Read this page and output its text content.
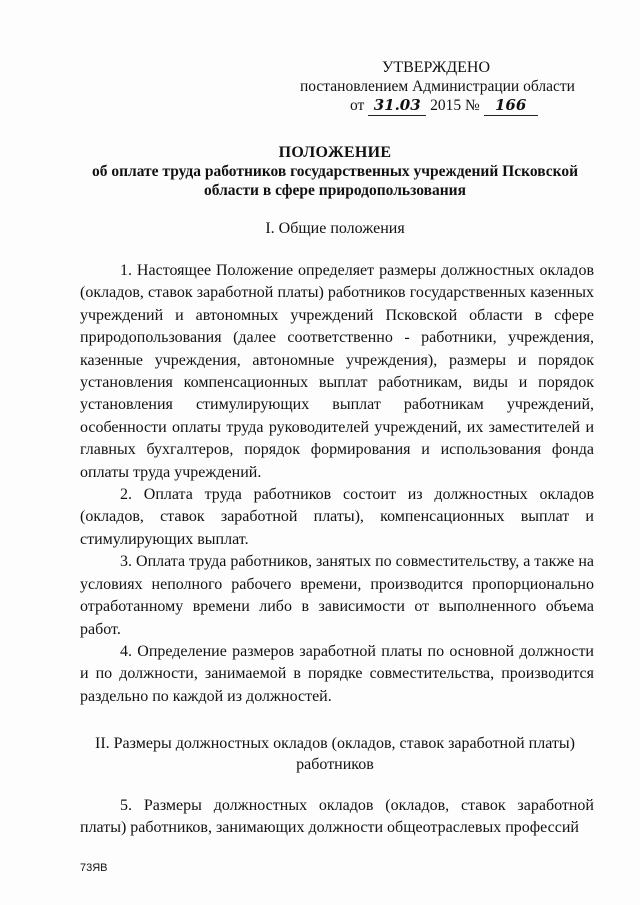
УТВЕРЖДЕНО
постановлением Администрации области
от 31.03 2015 № 166
ПОЛОЖЕНИЕ
об оплате труда работников государственных учреждений Псковской
области в сфере природопользования
I. Общие положения

1. Настоящее Положение определяет размеры должностных окладов (окладов, ставок заработной платы) работников государственных казенных учреждений и автономных учреждений Псковской области в сфере природопользования (далее соответственно - работники, учреждения, казенные учреждения, автономные учреждения), размеры и порядок установления компенсационных выплат работникам, виды и порядок установления стимулирующих выплат работникам учреждений, особенности оплаты труда руководителей учреждений, их заместителей и главных бухгалтеров, порядок формирования и использования фонда оплаты труда учреждений.

2. Оплата труда работников состоит из должностных окладов (окладов, ставок заработной платы), компенсационных выплат и стимулирующих выплат.

3. Оплата труда работников, занятых по совместительству, а также на условиях неполного рабочего времени, производится пропорционально отработанному времени либо в зависимости от выполненного объема работ.

4. Определение размеров заработной платы по основной должности и по должности, занимаемой в порядке совместительства, производится раздельно по каждой из должностей.

II. Размеры должностных окладов (окладов, ставок заработной платы)
работников

5. Размеры должностных окладов (окладов, ставок заработной платы) работников, занимающих должности общеотраслевых профессий

73ЯВ
